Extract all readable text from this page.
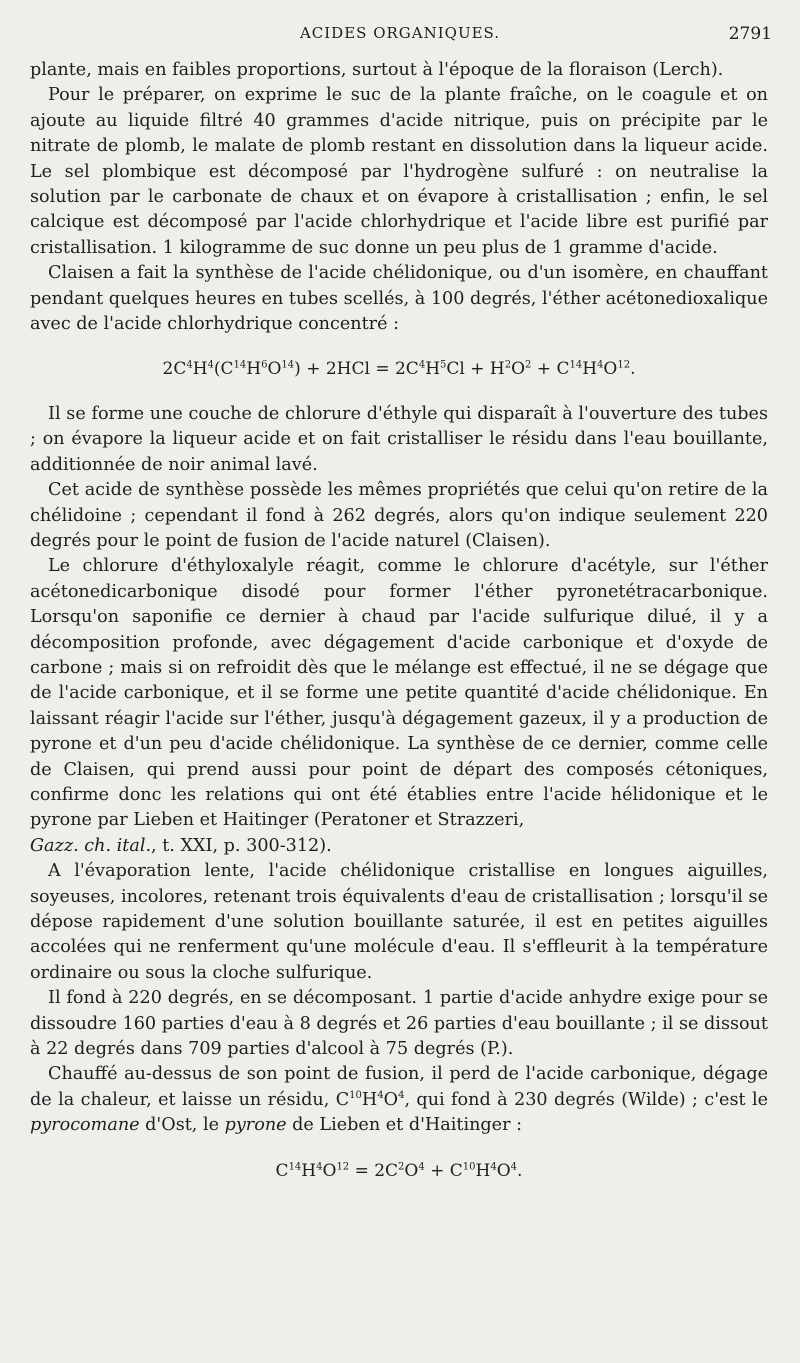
ACIDES ORGANIQUES.	2791

plante, mais en faibles proportions, surtout à l'époque de la floraison (Lerch).

Pour le préparer, on exprime le suc de la plante fraîche, on le coagule et on ajoute au liquide filtré 40 grammes d'acide nitrique, puis on précipite par le nitrate de plomb, le malate de plomb restant en dissolution dans la liqueur acide. Le sel plombique est décomposé par l'hydrogène sulfuré : on neutralise la solution par le carbonate de chaux et on évapore à cristallisation ; enfin, le sel calcique est décomposé par l'acide chlorhydrique et l'acide libre est purifié par cristallisation. 1 kilogramme de suc donne un peu plus de 1 gramme d'acide.

Claisen a fait la synthèse de l'acide chélidonique, ou d'un isomère, en chauffant pendant quelques heures en tubes scellés, à 100 degrés, l'éther acétonedioxalique avec de l'acide chlorhydrique concentré :

$2C^4H^4(C^{14}H^6O^{14}) + 2HCl = 2C^4H^5Cl + H^2O^2 + C^{14}H^4O^{12}$.

Il se forme une couche de chlorure d'éthyle qui disparaît à l'ouverture des tubes ; on évapore la liqueur acide et on fait cristalliser le résidu dans l'eau bouillante, additionnée de noir animal lavé.

Cet acide de synthèse possède les mêmes propriétés que celui qu'on retire de la chélidoine ; cependant il fond à 262 degrés, alors qu'on indique seulement 220 degrés pour le point de fusion de l'acide naturel (Claisen).

Le chlorure d'éthyloxalyle réagit, comme le chlorure d'acétyle, sur l'éther acétonedicarbonique disodé pour former l'éther pyronetétracarbonique. Lorsqu'on saponifie ce dernier à chaud par l'acide sulfurique dilué, il y a décomposition profonde, avec dégagement d'acide carbonique et d'oxyde de carbone ; mais si on refroidit dès que le mélange est effectué, il ne se dégage que de l'acide carbonique, et il se forme une petite quantité d'acide chélidonique. En laissant réagir l'acide sur l'éther, jusqu'à dégagement gazeux, il y a production de pyrone et d'un peu d'acide chélidonique. La synthèse de ce dernier, comme celle de Claisen, qui prend aussi pour point de départ des composés cétoniques, confirme donc les relations qui ont été établies entre l'acide hélidonique et le pyrone par Lieben et Haitinger (Peratoner et Strazzeri,
Gazz. ch. ital., t. XXI, p. 300-312).

A l'évaporation lente, l'acide chélidonique cristallise en longues aiguilles, soyeuses, incolores, retenant trois équivalents d'eau de cristallisation ; lorsqu'il se dépose rapidement d'une solution bouillante saturée, il est en petites aiguilles accolées qui ne renferment qu'une molécule d'eau. Il s'effleurit à la température ordinaire ou sous la cloche sulfurique.

Il fond à 220 degrés, en se décomposant. 1 partie d'acide anhydre exige pour se dissoudre 160 parties d'eau à 8 degrés et 26 parties d'eau bouillante ; il se dissout à 22 degrés dans 709 parties d'alcool à 75 degrés (P.).

Chauffé au-dessus de son point de fusion, il perd de l'acide carbonique, dégage de la chaleur, et laisse un résidu, $C^{10}H^4O^4$, qui fond à 230 degrés (Wilde) ; c'est le pyrocomane d'Ost, le pyrone de Lieben et d'Haitinger :

$C^{14}H^4O^{12} = 2C^2O^4 + C^{10}H^4O^4$.
